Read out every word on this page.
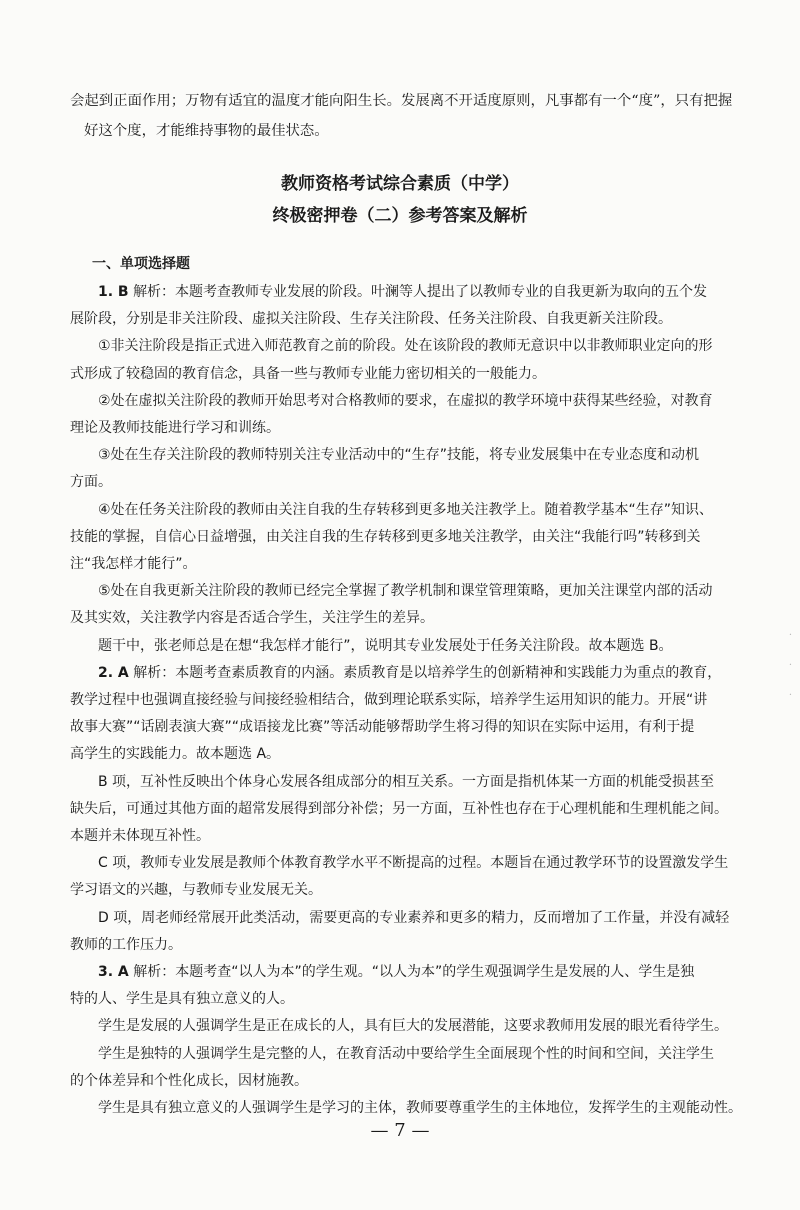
会起到正面作用；万物有适宜的温度才能向阳生长。发展离不开适度原则，凡事都有一个“度”，只有把握
好这个度，才能维持事物的最佳状态。
教师资格考试综合素质（中学）
终极密押卷（二）参考答案及解析
一、单项选择题
1. B 解析：本题考查教师专业发展的阶段。叶澜等人提出了以教师专业的自我更新为取向的五个发
展阶段，分别是非关注阶段、虚拟关注阶段、生存关注阶段、任务关注阶段、自我更新关注阶段。
①非关注阶段是指正式进入师范教育之前的阶段。处在该阶段的教师无意识中以非教师职业定向的形
式形成了较稳固的教育信念，具备一些与教师专业能力密切相关的一般能力。
②处在虚拟关注阶段的教师开始思考对合格教师的要求，在虚拟的教学环境中获得某些经验，对教育
理论及教师技能进行学习和训练。
③处在生存关注阶段的教师特别关注专业活动中的“生存”技能，将专业发展集中在专业态度和动机
方面。
④处在任务关注阶段的教师由关注自我的生存转移到更多地关注教学上。随着教学基本“生存”知识、
技能的掌握，自信心日益增强，由关注自我的生存转移到更多地关注教学，由关注“我能行吗”转移到关
注“我怎样才能行”。
⑤处在自我更新关注阶段的教师已经完全掌握了教学机制和课堂管理策略，更加关注课堂内部的活动
及其实效，关注教学内容是否适合学生，关注学生的差异。
题干中，张老师总是在想“我怎样才能行”，说明其专业发展处于任务关注阶段。故本题选 B。
2. A 解析：本题考查素质教育的内涵。素质教育是以培养学生的创新精神和实践能力为重点的教育，
教学过程中也强调直接经验与间接经验相结合，做到理论联系实际，培养学生运用知识的能力。开展“讲
故事大赛”“话剧表演大赛”“成语接龙比赛”等活动能够帮助学生将习得的知识在实际中运用，有利于提
高学生的实践能力。故本题选 A。
B 项，互补性反映出个体身心发展各组成部分的相互关系。一方面是指机体某一方面的机能受损甚至
缺失后，可通过其他方面的超常发展得到部分补偿；另一方面，互补性也存在于心理机能和生理机能之间。
本题并未体现互补性。
C 项，教师专业发展是教师个体教育教学水平不断提高的过程。本题旨在通过教学环节的设置激发学生
学习语文的兴趣，与教师专业发展无关。
D 项，周老师经常展开此类活动，需要更高的专业素养和更多的精力，反而增加了工作量，并没有减轻
教师的工作压力。
3. A 解析：本题考查“以人为本”的学生观。“以人为本”的学生观强调学生是发展的人、学生是独
特的人、学生是具有独立意义的人。
学生是发展的人强调学生是正在成长的人，具有巨大的发展潜能，这要求教师用发展的眼光看待学生。
学生是独特的人强调学生是完整的人，在教育活动中要给学生全面展现个性的时间和空间，关注学生
的个体差异和个性化成长，因材施教。
学生是具有独立意义的人强调学生是学习的主体，教师要尊重学生的主体地位，发挥学生的主观能动性。
·
·
·
— 7 —
